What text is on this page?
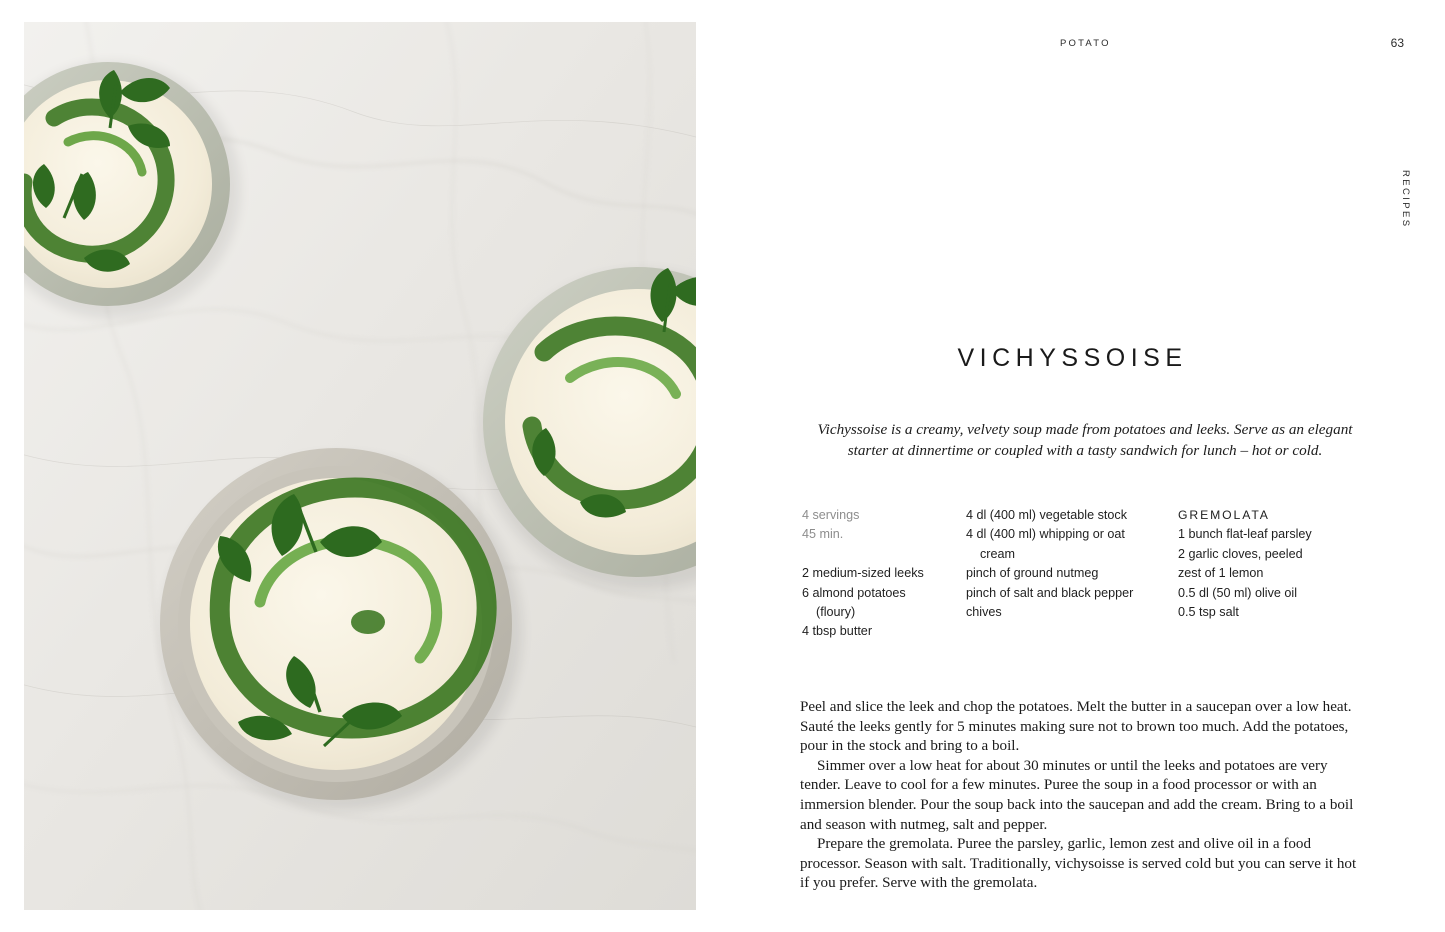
POTATO	63
RECIPES
VICHYSSOISE
Vichyssoise is a creamy, velvety soup made from potatoes and leeks. Serve as an elegant starter at dinnertime or coupled with a tasty sandwich for lunch – hot or cold.
4 servings
45 min.
2 medium-sized leeks
6 almond potatoes
(floury)
4 tbsp butter
4 dl (400 ml) vegetable stock
4 dl (400 ml) whipping or oat
cream
pinch of ground nutmeg
pinch of salt and black pepper
chives
GREMOLATA
1 bunch flat-leaf parsley
2 garlic cloves, peeled
zest of 1 lemon
0.5 dl (50 ml) olive oil
0.5 tsp salt

Peel and slice the leek and chop the potatoes. Melt the butter in a saucepan over a low heat. Sauté the leeks gently for 5 minutes making sure not to brown too much. Add the potatoes, pour in the stock and bring to a boil.

Simmer over a low heat for about 30 minutes or until the leeks and potatoes are very tender. Leave to cool for a few minutes. Puree the soup in a food processor or with an immersion blender. Pour the soup back into the saucepan and add the cream. Bring to a boil and season with nutmeg, salt and pepper.

Prepare the gremolata. Puree the parsley, garlic, lemon zest and olive oil in a food processor. Season with salt. Traditionally, vichysoisse is served cold but you can serve it hot if you prefer. Serve with the gremolata.
